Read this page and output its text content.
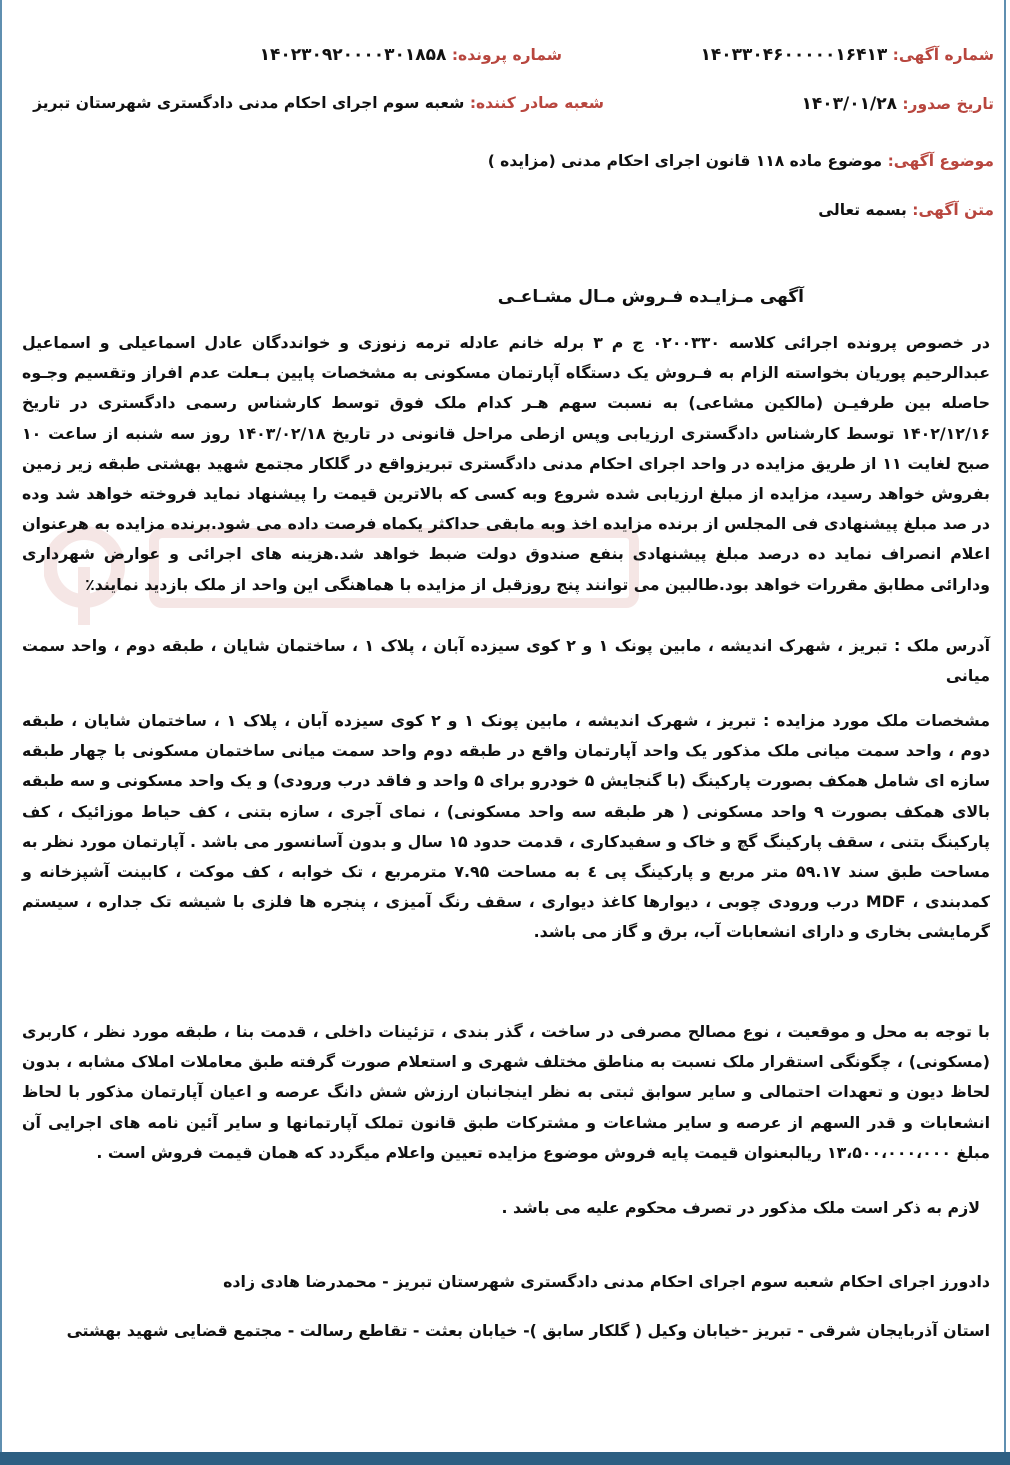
شماره آگهی: ۱۴۰۳۳۰۴۶۰۰۰۰۰۱۶۴۱۳
شماره پرونده: ۱۴۰۲۳۰۹۲۰۰۰۰۳۰۱۸۵۸
تاریخ صدور: ۱۴۰۳/۰۱/۲۸
شعبه صادر کننده: شعبه سوم اجرای احکام مدنی دادگستری شهرستان تبریز
موضوع آگهی: موضوع ماده ۱۱۸ قانون اجرای احکام مدنی (مزایده )
متن آگهی: بسمه تعالی
آگهی مـزایـده فـروش مـال مشـاعـی

در خصوص پرونده اجرائی کلاسه ۰۲۰۰۳۳۰ ج م ۳ برله خانم عادله ترمه زنوزی و خوانددگان عادل اسماعیلی و اسماعیل عبدالرحیم پوریان بخواسته الزام به فـروش یک دستگاه آپارتمان مسکونی به مشخصات پایین بـعلت عدم افراز وتقسیم وجـوه حاصله بین طرفیـن (مالکین مشاعی) به نسبت سهم هـر کدام ملک فوق توسط کارشناس رسمی دادگستری در تاریخ ۱۴۰۲/۱۲/۱۶ توسط کارشناس دادگستری ارزیابی وپس ازطی مراحل قانونی در تاریخ ۱۴۰۳/۰۲/۱۸ روز سه شنبه از ساعت ۱۰ صبح لغایت ۱۱ از طریق مزایده در واحد اجرای احکام مدنی دادگستری تبریزواقع در گلکار مجتمع شهید بهشتی طبقه زیر زمین بفروش خواهد رسید، مزایده از مبلغ ارزیابی شده شروع وبه کسی که بالاترین قیمت را پیشنهاد نماید فروخته خواهد شد وده در صد مبلغ پیشنهادی فی المجلس از برنده مزایده اخذ وبه مابقی حداکثر یکماه فرصت داده می شود.برنده مزایده به هرعنوان اعلام انصراف نماید ده درصد مبلغ پیشنهادی بنفع صندوق دولت ضبط خواهد شد.هزینه های اجرائی و عوارض شهرداری ودارائی مطابق مقررات خواهد بود.طالبین می توانند پنج روزقبل از مزایده با هماهنگی این واحد از ملک بازدید نمایند٪

آدرس ملک : تبریز ، شهرک اندیشه ، مابین پونک ۱ و ۲ کوی سیزده آبان ، پلاک ۱ ، ساختمان شایان ، طبقه دوم ، واحد سمت میانی

مشخصات ملک مورد مزایده : تبریز ، شهرک اندیشه ، مابین پونک ۱ و ۲ کوی سیزده آبان ، پلاک ۱ ، ساختمان شایان ، طبقه دوم ، واحد سمت میانی ملک مذکور یک واحد آپارتمان واقع در طبقه دوم واحد سمت میانی ساختمان مسکونی با چهار طبقه سازه ای شامل همکف بصورت پارکینگ (با گنجایش ۵ خودرو برای ۵ واحد و فاقد درب ورودی) و یک واحد مسکونی و سه طبقه بالای همکف بصورت ۹ واحد مسکونی ( هر طبقه سه واحد مسکونی) ، نمای آجری ، سازه بتنی ، کف حیاط موزائیک ، کف پارکینگ بتنی ، سقف پارکینگ گچ و خاک و سفیدکاری ، قدمت حدود ۱۵ سال و بدون آسانسور می باشد . آپارتمان مورد نظر به مساحت طبق سند ۵۹.۱۷ متر مربع و پارکینگ پی ٤ به مساحت ۷.۹۵ مترمربع ، تک خوابه ، کف موکت ، کابینت آشپزخانه و کمدبندی ، MDF درب ورودی چوبی ، دیوارها کاغذ دیواری ، سقف رنگ آمیزی ، پنجره ها فلزی با شیشه تک جداره ، سیستم گرمایشی بخاری و دارای انشعابات آب، برق و گاز می باشد.

با توجه به محل و موقعیت ، نوع مصالح مصرفی در ساخت ، گذر بندی ، تزئینات داخلی ، قدمت بنا ، طبقه مورد نظر ، کاربری (مسکونی) ، چگونگی استقرار ملک نسبت به مناطق مختلف شهری و استعلام صورت گرفته طبق معاملات املاک مشابه ، بدون لحاظ دیون و تعهدات احتمالی و سایر سوابق ثبتی به نظر اینجانبان ارزش شش دانگ عرصه و اعیان آپارتمان مذکور با لحاظ انشعابات و قدر السهم از عرصه و سایر مشاعات و مشترکات طبق قانون تملک آپارتمانها و سایر آئین نامه های اجرایی آن مبلغ ۱۳،۵۰۰،۰۰۰،۰۰۰ ریالبعنوان قیمت پایه فروش موضوع مزایده تعیین واعلام میگردد که همان قیمت فروش است .

لازم به ذکر است ملک مذکور در تصرف محکوم علیه می باشد .
دادورز اجرای احکام شعبه سوم اجرای احکام مدنی دادگستری شهرستان تبریز - محمدرضا هادی زاده
استان آذربایجان شرقی - تبریز -خیابان وکیل ( گلکار سابق )- خیابان بعثت - تقاطع رسالت - مجتمع قضایی شهید بهشتی
